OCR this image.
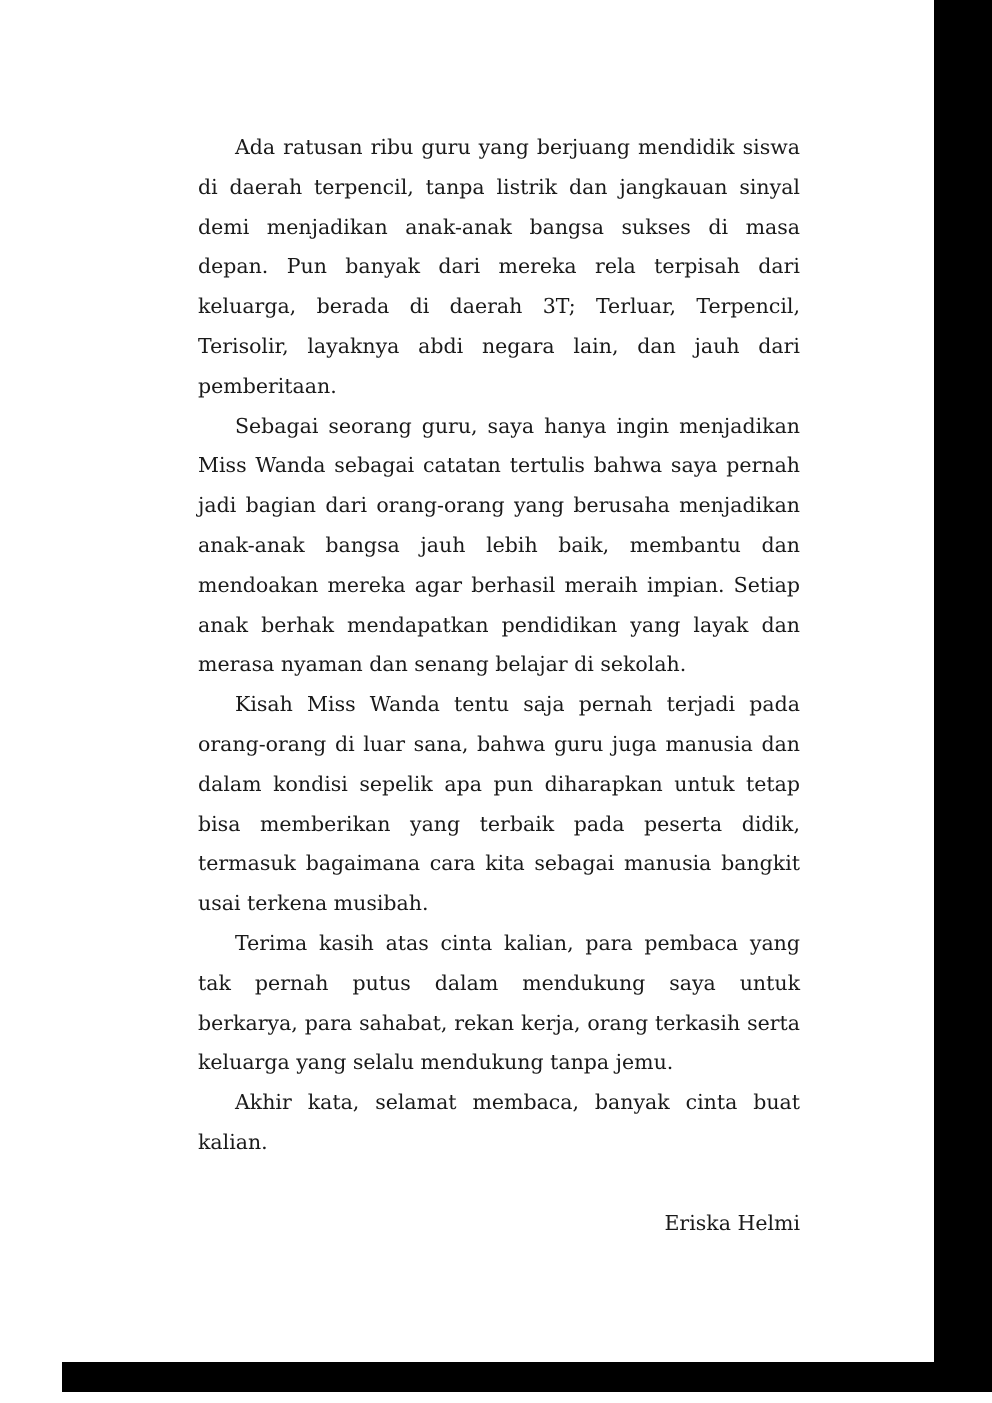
Ada ratusan ribu guru yang berjuang mendidik siswa di daerah terpencil, tanpa listrik dan jangkauan sinyal demi menjadikan anak-anak bangsa sukses di masa depan. Pun banyak dari mereka rela terpisah dari keluarga, berada di daerah 3T; Terluar, Terpencil, Terisolir, layaknya abdi negara lain, dan jauh dari pemberitaan.

Sebagai seorang guru, saya hanya ingin menjadikan Miss Wanda sebagai catatan tertulis bahwa saya pernah jadi bagian dari orang-orang yang berusaha menjadikan anak-anak bangsa jauh lebih baik, membantu dan mendoakan mereka agar berhasil meraih impian. Setiap anak berhak mendapatkan pendidikan yang layak dan merasa nyaman dan senang belajar di sekolah.

Kisah Miss Wanda tentu saja pernah terjadi pada orang-orang di luar sana, bahwa guru juga manusia dan dalam kondisi sepelik apa pun diharapkan untuk tetap bisa memberikan yang terbaik pada peserta didik, termasuk bagaimana cara kita sebagai manusia bangkit usai terkena musibah.

Terima kasih atas cinta kalian, para pembaca yang tak pernah putus dalam mendukung saya untuk berkarya, para sahabat, rekan kerja, orang terkasih serta keluarga yang selalu mendukung tanpa jemu.

Akhir kata, selamat membaca, banyak cinta buat kalian.

Eriska Helmi
